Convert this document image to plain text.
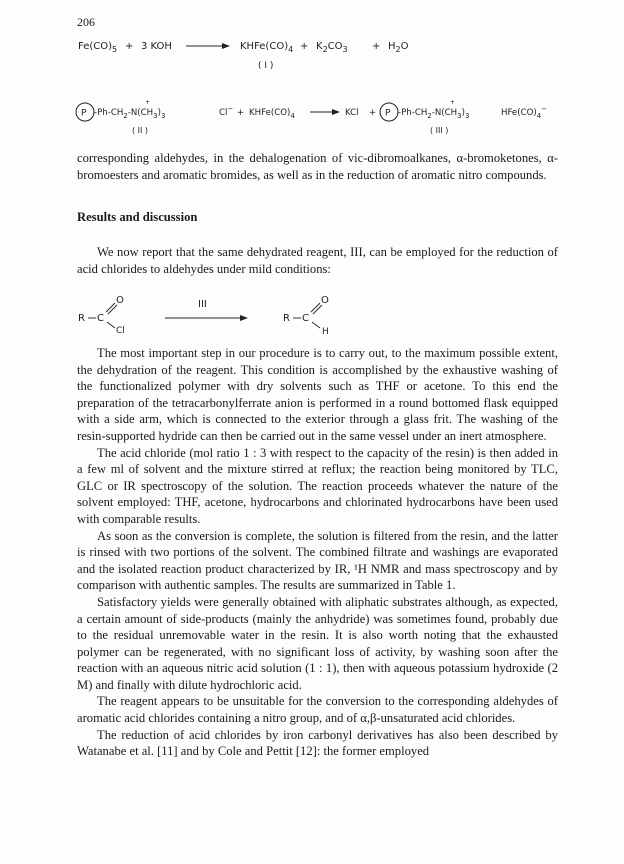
206
$Fe(CO)_5 + 3$ KOH	$KHFe(CO)_4 + K_2CO_3 + H_2O$
( I )
P $-Ph-CH_2-N(CH_3)_3$
+
$Cl^- + KHFe(CO)_4$	KCl + P $-Ph-CH_2-N(CH_3)_3$
+
$HFe(CO)_4^-$
( II )	( III )

corresponding aldehydes, in the dehalogenation of vic-dibromoalkanes, α-bromoketones, α-bromoesters and aromatic bromides, as well as in the reduction of aromatic nitro compounds.

Results and discussion

We now report that the same dehydrated reagent, III, can be employed for the reduction of acid chlorides to aldehydes under mild conditions:

R C
O
Cl
III
R C
O
H

The most important step in our procedure is to carry out, to the maximum possible extent, the dehydration of the reagent. This condition is accomplished by the exhaustive washing of the functionalized polymer with dry solvents such as THF or acetone. To this end the preparation of the tetracarbonylferrate anion is performed in a round bottomed flask equipped with a side arm, which is connected to the exterior through a glass frit. The washing of the resin-supported hydride can then be carried out in the same vessel under an inert atmosphere.

The acid chloride (mol ratio 1 : 3 with respect to the capacity of the resin) is then added in a few ml of solvent and the mixture stirred at reflux; the reaction being monitored by TLC, GLC or IR spectroscopy of the solution. The reaction proceeds whatever the nature of the solvent employed: THF, acetone, hydrocarbons and chlorinated hydrocarbons have been used with comparable results.

As soon as the conversion is complete, the solution is filtered from the resin, and the latter is rinsed with two portions of the solvent. The combined filtrate and washings are evaporated and the isolated reaction product characterized by IR, ¹H NMR and mass spectroscopy and by comparison with authentic samples. The results are summarized in Table 1.

Satisfactory yields were generally obtained with aliphatic substrates although, as expected, a certain amount of side-products (mainly the anhydride) was sometimes found, probably due to the residual unremovable water in the resin. It is also worth noting that the exhausted polymer can be regenerated, with no significant loss of activity, by washing soon after the reaction with an aqueous nitric acid solution (1 : 1), then with aqueous potassium hydroxide (2 M) and finally with dilute hydrochloric acid.

The reagent appears to be unsuitable for the conversion to the corresponding aldehydes of aromatic acid chlorides containing a nitro group, and of α,β-unsaturated acid chlorides.

The reduction of acid chlorides by iron carbonyl derivatives has also been described by Watanabe et al. [11] and by Cole and Pettit [12]: the former employed
